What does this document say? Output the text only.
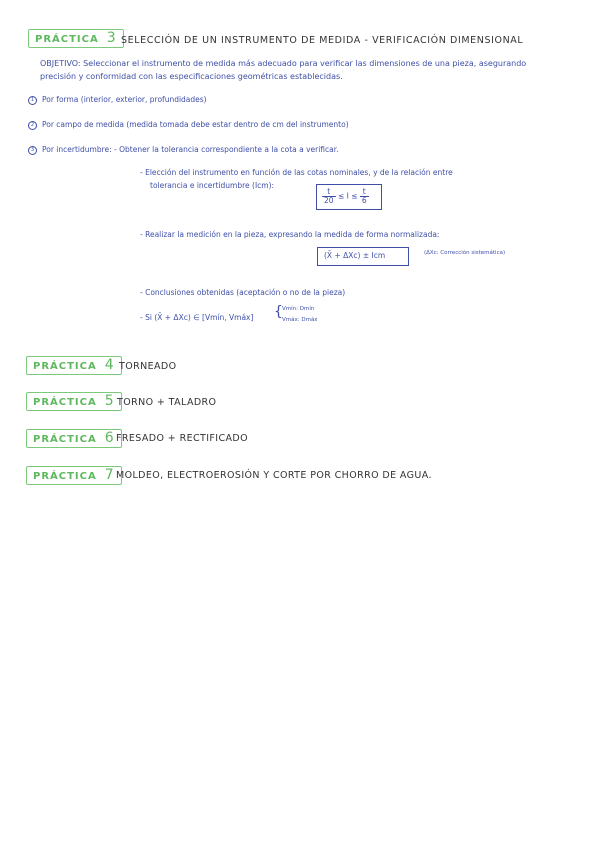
PRÁCTICA 3 SELECCIÓN DE UN INSTRUMENTO DE MEDIDA - VERIFICACIÓN DIMENSIONAL
OBJETIVO: Seleccionar el instrumento de medida más adecuado para verificar las dimensiones de una pieza, asegurando
precisión y conformidad con las especificaciones geométricas establecidas.
1 Por forma (interior, exterior, profundidades)
2 Por campo de medida (medida tomada debe estar dentro de cm del instrumento)
3 Por incertidumbre: - Obtener la tolerancia correspondiente a la cota a verificar.
- Elección del instrumento en función de las cotas nominales, y de la relación entre
tolerancia e incertidumbre (Icm):
$\frac{t}{20} \le I \le \frac{t}{6}$
- Realizar la medición en la pieza, expresando la medida de forma normalizada:
(X̄ + ΔXc) ± Icm	(ΔXc: Corrección sistemática)
- Conclusiones obtenidas (aceptación o no de la pieza)
- Si (X̄ + ΔXc) ∈ [Vmín, Vmáx] { Vmín: Dmín
Vmáx: Dmáx
PRÁCTICA 4 TORNEADO
PRÁCTICA 5 TORNO + TALADRO
PRÁCTICA 6 FRESADO + RECTIFICADO
PRÁCTICA 7 MOLDEO, ELECTROEROSIÓN Y CORTE POR CHORRO DE AGUA.
